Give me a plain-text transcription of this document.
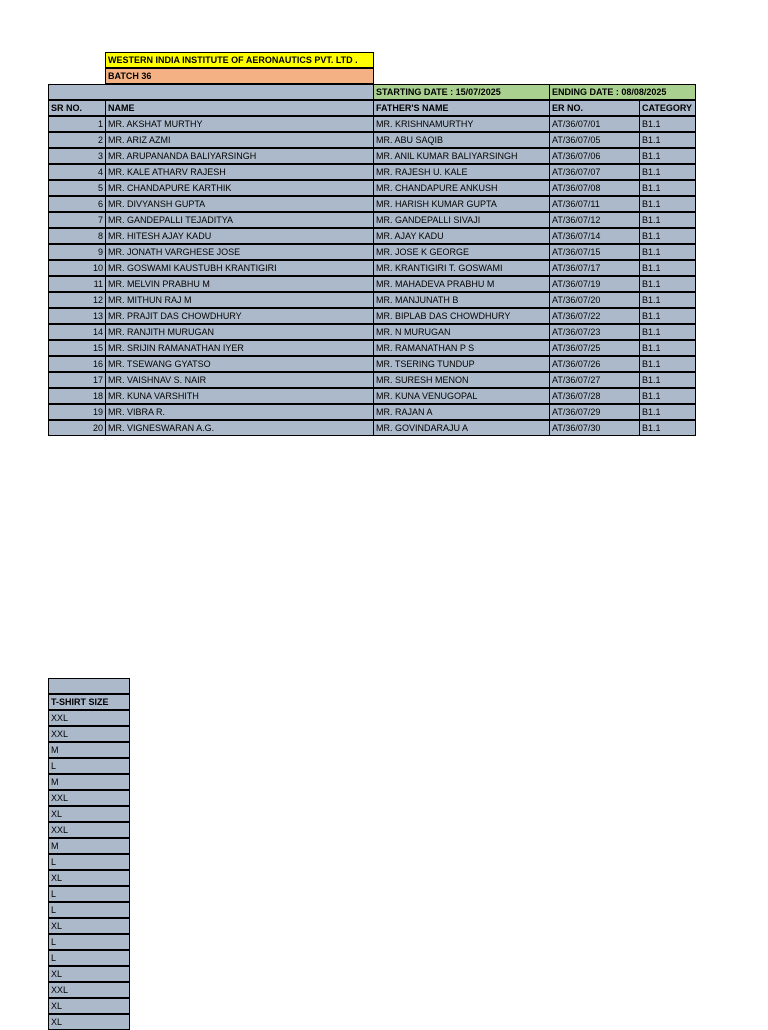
WESTERN INDIA INSTITUTE OF AERONAUTICS PVT. LTD .
BATCH 36
STARTING DATE : 15/07/2025	ENDING DATE : 08/08/2025
SR NO.	NAME	FATHER'S NAME	ER NO.	CATEGORY
1 MR. AKSHAT MURTHY	MR. KRISHNAMURTHY	AT/36/07/01	B1.1
2 MR. ARIZ AZMI	MR. ABU SAQIB	AT/36/07/05	B1.1
3 MR. ARUPANANDA BALIYARSINGH	MR. ANIL KUMAR BALIYARSINGH	AT/36/07/06	B1.1
4 MR. KALE ATHARV RAJESH	MR. RAJESH U. KALE	AT/36/07/07	B1.1
5 MR. CHANDAPURE KARTHIK	MR. CHANDAPURE ANKUSH	AT/36/07/08	B1.1
6 MR. DIVYANSH GUPTA	MR. HARISH KUMAR GUPTA	AT/36/07/11	B1.1
7 MR. GANDEPALLI TEJADITYA	MR. GANDEPALLI SIVAJI	AT/36/07/12	B1.1
8 MR. HITESH AJAY KADU	MR. AJAY KADU	AT/36/07/14	B1.1
9 MR. JONATH VARGHESE JOSE	MR. JOSE K GEORGE	AT/36/07/15	B1.1
10 MR. GOSWAMI KAUSTUBH KRANTIGIRI	MR. KRANTIGIRI T. GOSWAMI	AT/36/07/17	B1.1
11 MR. MELVIN PRABHU M	MR. MAHADEVA PRABHU M	AT/36/07/19	B1.1
12 MR. MITHUN RAJ M	MR. MANJUNATH B	AT/36/07/20	B1.1
13 MR. PRAJIT DAS CHOWDHURY	MR. BIPLAB DAS CHOWDHURY	AT/36/07/22	B1.1
14 MR. RANJITH MURUGAN	MR. N MURUGAN	AT/36/07/23	B1.1
15 MR. SRIJIN RAMANATHAN IYER	MR. RAMANATHAN P S	AT/36/07/25	B1.1
16 MR. TSEWANG GYATSO	MR. TSERING TUNDUP	AT/36/07/26	B1.1
17 MR. VAISHNAV S. NAIR	MR. SURESH MENON	AT/36/07/27	B1.1
18 MR. KUNA VARSHITH	MR. KUNA VENUGOPAL	AT/36/07/28	B1.1
19 MR. VIBRA R.	MR. RAJAN A	AT/36/07/29	B1.1
20 MR. VIGNESWARAN A.G.	MR. GOVINDARAJU A	AT/36/07/30	B1.1
T-SHIRT SIZE
XXL
XXL
M
L
M
XXL
XL
XXL
M
L
XL
L
L
XL
L
L
XL
XXL
XL
XL
